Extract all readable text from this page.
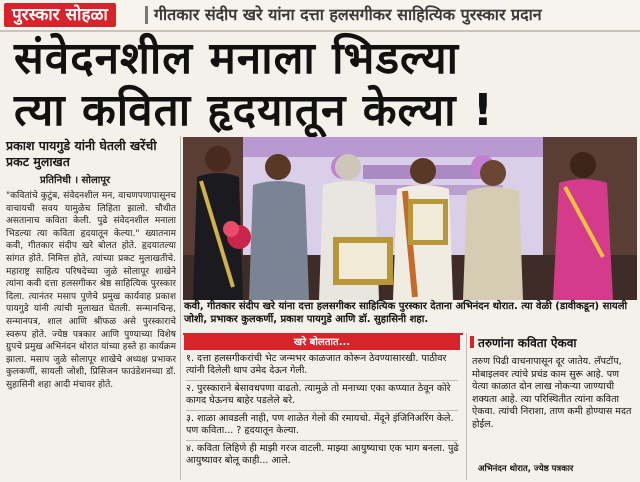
पुरस्कार सोहळा	गीतकार संदीप खरे यांना दत्ता हलसगीकर साहित्यिक पुरस्कार प्रदान
संवेदनशील मनाला भिडल्या
त्या कविता हृदयातून केल्या !
प्रकाश पायगुडे यांनी घेतली खरेंची प्रकट मुलाखत
प्रतिनिधी । सोलापूर
"कवितांचे कुटुंब, संवेदनशील मन, वाचणपणापासूनच वाचायची सवय यामुळेच लिहिता झालो. चौथीत असतानाच कविता केली. पुढे संवेदनशील मनाला भिडल्या त्या कविता हृदयातून केल्या." ख्यातनाम कवी, गीतकार संदीप खरे बोलत होते. हृदयातल्या सांगत होते. निमित्त होते, त्यांच्या प्रकट मुलाखतीचे. महाराष्ट्र साहित्य परिषदेच्या जुळे सोलापूर शाखेने त्यांना कवी दत्ता हलसगीकर श्रेष्ठ साहित्यिक पुरस्कार दिला. त्यानंतर मसाप पुणेचे प्रमुख कार्यवाह प्रकाश पायगुडे यांनी त्यांची मुलाखत घेतली. सन्मानचिन्ह, सन्मानपत्र, शाल आणि श्रीफळ असे पुरस्काराचे स्वरूप होते. ज्येष्ठ पत्रकार आणि पुण्याच्या विशेष ग्रुपचे प्रमुख अभिनंदन थोरात यांच्या हस्ते हा कार्यक्रम झाला. मसाप जुळे सोलापूर शाखेचे अध्यक्ष प्रभाकर कुलकर्णी, सायली जोशी, प्रिसिजन फाउंडेशनच्या डॉ. सुहासिनी शहा आदी मंचावर होते.
कवी, गीतकार संदीप खरे यांना दत्ता हलसगीकर साहित्यिक पुरस्कार देताना अभिनंदन थोरात. त्या वेळी (डावीकडून) सायली जोशी, प्रभाकर कुलकर्णी, प्रकाश पायगुडे आणि डॉ. सुहासिनी शहा.
खरे बोलतात...
१. दत्ता हलसगीकरांची भेट जन्मभर काळजात कोरून ठेवण्यासारखी. पाठीवर त्यांनी दिलेली थाप उमेद देऊन गेली.
२. पुरस्काराने बेसावधपणा वाढतो. त्यामुळे तो मनाच्या एका कप्प्यात ठेवून कोरे कागद घेऊनच बाहेर पडलेले बरे.
३. शाळा आवडली नाही, पण शाळेत गेलो की रमायचो. मेंदूने इंजिनिअरिंग केले. पण कविता... ? हृदयातून केल्या.
४. कविता लिहिणे ही माझी गरज वाटली. माझ्या आयुष्याचा एक भाग बनला. पुढे आयुष्यावर बोलू काही... आले.
तरुणांना कविता ऐकवा
तरुण पिढी वाचनापासून दूर जातेय. लॅपटॉप, मोबाइलवर त्यांचे प्रचंड काम सुरू आहे. पण येत्या काळात दोन लाख नोकऱ्या जाण्याची शक्यता आहे. त्या परिस्थितीत त्यांना कविता ऐकवा. त्यांची निराशा, ताण कमी होण्यास मदत होईल.
अभिनंदन थोरात, ज्येष्ठ पत्रकार
